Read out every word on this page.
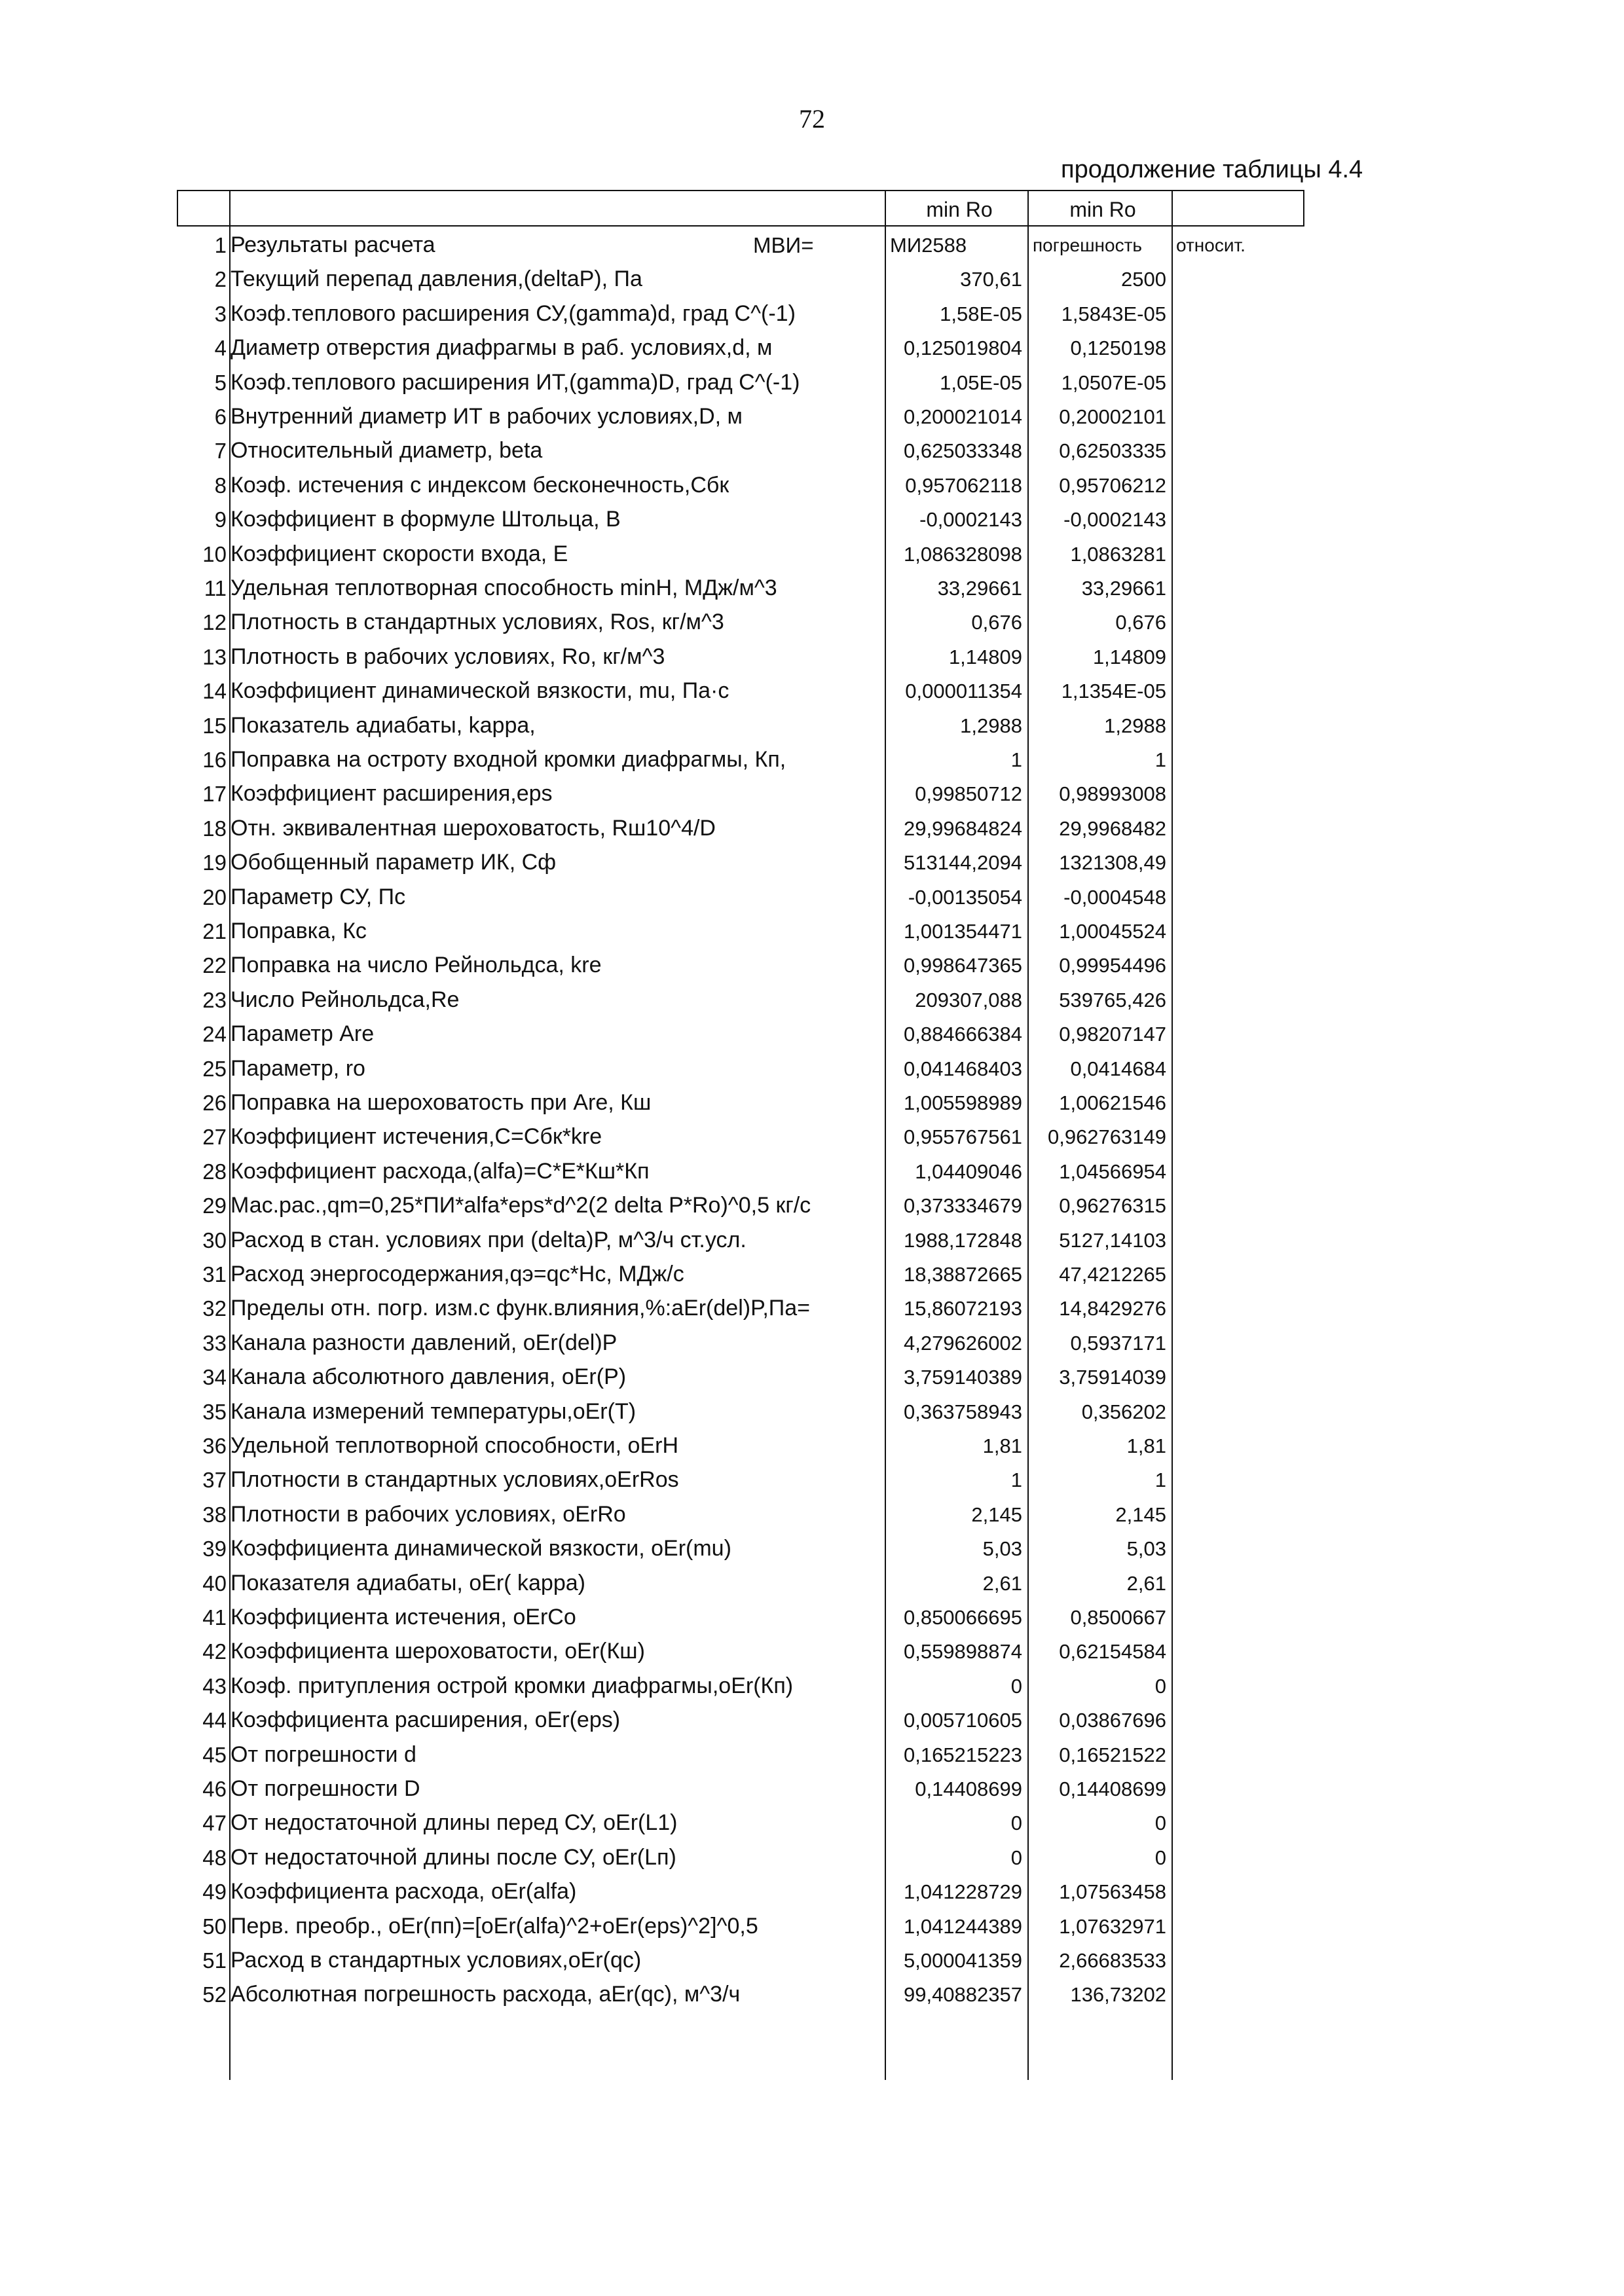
72
продолжение таблицы 4.4
min Ro	min Ro
1 Результаты расчета	МВИ=	МИ2588	погрешность	относит.
2 Текущий перепад давления,(deltaP), Па	370,61	2500
3 Коэф.теплового расширения СУ,(gamma)d, град С^(-1)	1,58E-05	1,5843E-05
4 Диаметр отверстия диафрагмы в раб. условиях,d, м	0,125019804	0,1250198
5 Коэф.теплового расширения ИТ,(gamma)D, град С^(-1)	1,05E-05	1,0507E-05
6 Внутренний диаметр ИТ в рабочих условиях,D, м	0,200021014	0,20002101
7 Относительный диаметр, beta	0,625033348	0,62503335
8 Коэф. истечения с индексом бесконечность,Сбк	0,957062118	0,95706212
9 Коэффициент в формуле Штольца, В	-0,0002143	-0,0002143
10 Коэффициент скорости входа, Е	1,086328098	1,0863281
11 Удельная теплотворная способность minH, МДж/м^3	33,29661	33,29661
12 Плотность в стандартных условиях, Ros, кг/м^3	0,676	0,676
13 Плотность в рабочих условиях, Ro, кг/м^3	1,14809	1,14809
14 Коэффициент динамической вязкости, mu, Па·с	0,000011354	1,1354E-05
15 Показатель адиабаты, kappa,	1,2988	1,2988
16 Поправка на остроту входной кромки диафрагмы, Кп,	1	1
17 Коэффициент расширения,eps	0,99850712	0,98993008
18 Отн. эквивалентная шероховатость, Rш10^4/D	29,99684824	29,9968482
19 Обобщенный параметр ИК, Сф	513144,2094	1321308,49
20 Параметр СУ, Пс	-0,00135054	-0,0004548
21 Поправка, Кс	1,001354471	1,00045524
22 Поправка на число Рейнольдса, kre	0,998647365	0,99954496
23 Число Рейнольдса,Re	209307,088	539765,426
24 Параметр Are	0,884666384	0,98207147
25 Параметр, ro	0,041468403	0,0414684
26 Поправка на шероховатость при Are, Кш	1,005598989	1,00621546
27 Коэффициент истечения,С=Сбк*kre	0,955767561	0,962763149
28 Коэффициент расхода,(alfa)=С*Е*Кш*Кп	1,04409046	1,04566954
29 Мас.рас.,qm=0,25*ПИ*alfa*eps*d^2(2 delta P*Ro)^0,5 кг/с	0,373334679	0,96276315
30 Расход в стан. условиях при (delta)P, м^3/ч ст.усл.	1988,172848	5127,14103
31 Расход энергосодержания,qэ=qc*Нс, МДж/с	18,38872665	47,4212265
32 Пределы отн. погр. изм.с функ.влияния,%:aEr(del)P,Па=	15,86072193	14,8429276
33 Канала разности давлений, oEr(del)P	4,279626002	0,5937171
34 Канала абсолютного давления, oEr(P)	3,759140389	3,75914039
35 Канала измерений температуры,oEr(T)	0,363758943	0,356202
36 Удельной теплотворной способности, oErH	1,81	1,81
37 Плотности в стандартных условиях,oErRos	1	1
38 Плотности в рабочих условиях, oErRo	2,145	2,145
39 Коэффициента динамической вязкости, oEr(mu)	5,03	5,03
40 Показателя адиабаты, oEr( kappa)	2,61	2,61
41 Коэффициента истечения, oErCo	0,850066695	0,8500667
42 Коэффициента шероховатости, oEr(Кш)	0,559898874	0,62154584
43 Коэф. притупления острой кромки диафрагмы,oEr(Кп)	0	0
44 Коэффициента расширения, oEr(eps)	0,005710605	0,03867696
45 От погрешности d	0,165215223	0,16521522
46 От погрешности D	0,14408699	0,14408699
47 От недостаточной длины перед СУ, oEr(L1)	0	0
48 От недостаточной длины после СУ, oEr(Lп)	0	0
49 Коэффициента расхода, oEr(alfa)	1,041228729	1,07563458
50 Перв. преобр., oEr(пп)=[oEr(alfa)^2+oEr(eps)^2]^0,5	1,041244389	1,07632971
51 Расход в стандартных условиях,oEr(qc)	5,000041359	2,66683533
52 Абсолютная погрешность расхода, aEr(qc), м^3/ч	99,40882357	136,73202
